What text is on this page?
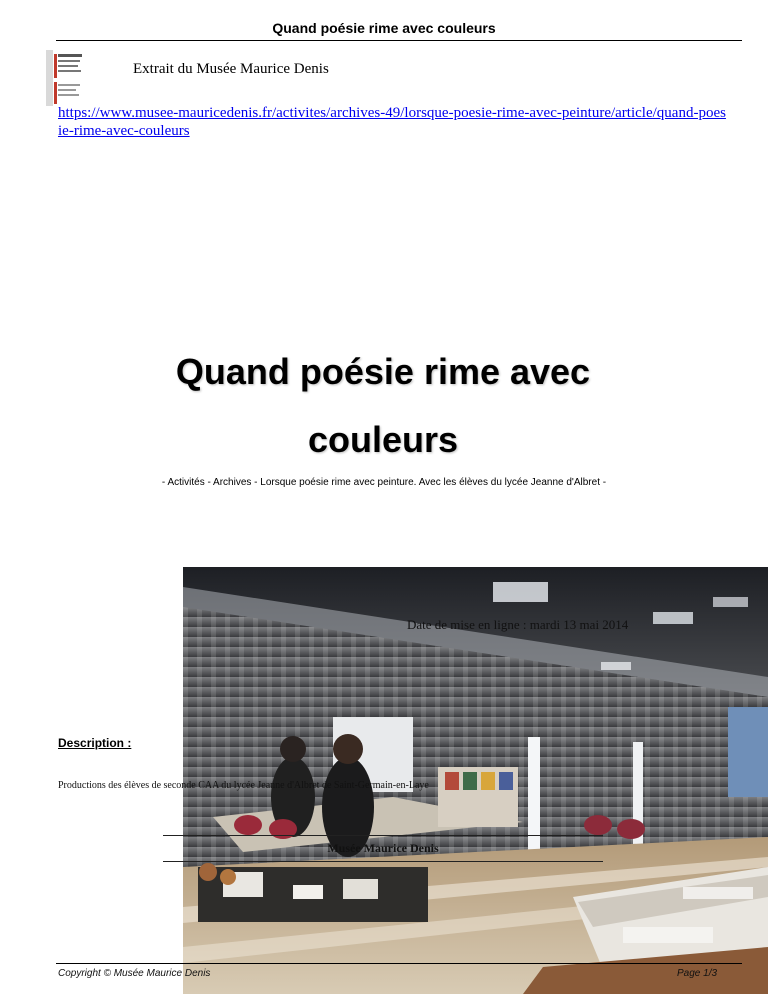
Quand poésie rime avec couleurs
Extrait du Musée Maurice Denis
https://www.musee-mauricedenis.fr/activites/archives-49/lorsque-poesie-rime-avec-peinture/article/quand-poesie-rime-avec-couleurs
Quand poésie rime avec couleurs
- Activités - Archives - Lorsque poésie rime avec peinture. Avec les élèves du lycée Jeanne d'Albret -
Date de mise en ligne : mardi 13 mai 2014
Description :
Productions des élèves de seconde CAA du lycée Jeanne d'Albret de Saint-Germain-en-Laye
Musée Maurice Denis
Copyright © Musée Maurice Denis	Page 1/3
